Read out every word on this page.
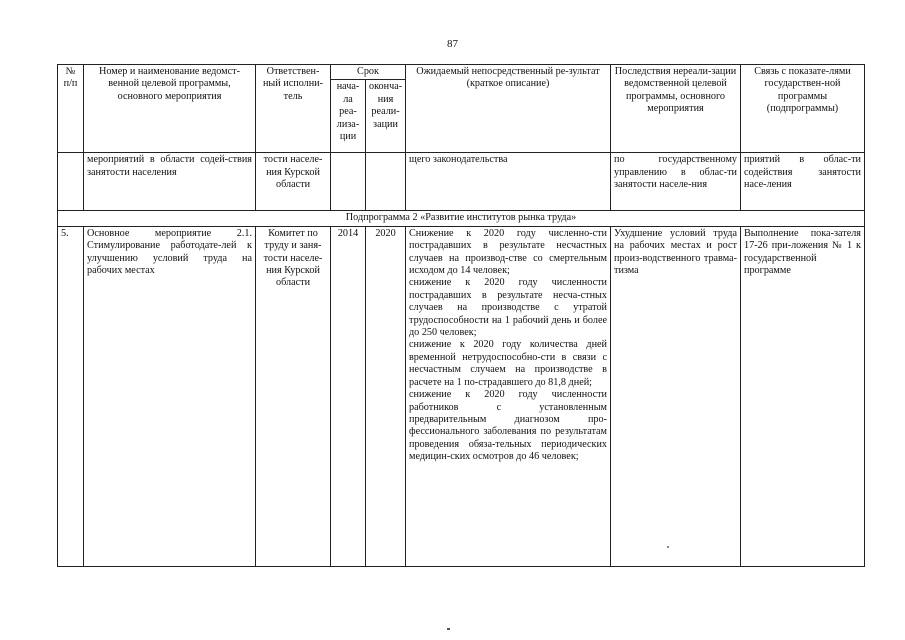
87
№ п/п	Номер и наименование ведомст-венной целевой программы, основного мероприятия	Ответствен-ный исполни-тель	Срок		Ожидаемый непосредственный ре-зультат (краткое описание)	Последствия нереали-зации ведомственной целевой программы, основного мероприятия	Связь с показате-лями государствен-ной программы (подпрограммы)
			нача-ла реа-лиза-ции	оконча-ния реали-зации			
	мероприятий в области содей-ствия занятости населения	тости населе-ния Курской области			щего законодательства	по государственному управлению в облас-ти занятости населе-ния	приятий в облас-ти содействия занятости насе-ления
Подпрограмма 2 «Развитие институтов рынка труда»							
5.	Основное мероприятие 2.1. Стимулирование работодате-лей к улучшению условий труда на рабочих местах	Комитет по труду и заня-тости населе-ния Курской области	2014	2020	Снижение к 2020 году численно-сти пострадавших в результате несчастных случаев на производ-стве со смертельным исходом до 14 человек;
снижение к 2020 году численности пострадавших в результате несча-стных случаев на производстве с утратой трудоспособности на 1 рабочий день и более до 250 человек;
снижение к 2020 году количества дней временной нетрудоспособно-сти в связи с несчастным случаем на производстве в расчете на 1 по-страдавшего до 81,8 дней;
снижение к 2020 году численности работников с установленным предварительным диагнозом про-фессионального заболевания по результатам проведения обяза-тельных периодических медицин-ских осмотров до 46 человек;	Ухудшение условий труда на рабочих местах и рост произ-водственного травма-тизма	Выполнение пока-зателя 17-26 при-ложения № 1 к государственной программе
